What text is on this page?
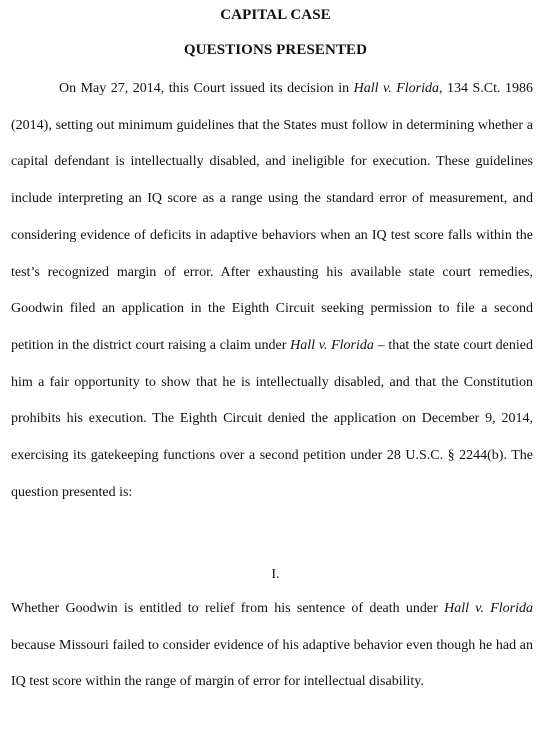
CAPITAL CASE

QUESTIONS PRESENTED

On May 27, 2014, this Court issued its decision in Hall v. Florida, 134 S.Ct. 1986 (2014), setting out minimum guidelines that the States must follow in determining whether a capital defendant is intellectually disabled, and ineligible for execution. These guidelines include interpreting an IQ score as a range using the standard error of measurement, and considering evidence of deficits in adaptive behaviors when an IQ test score falls within the test’s recognized margin of error. After exhausting his available state court remedies, Goodwin filed an application in the Eighth Circuit seeking permission to file a second petition in the district court raising a claim under Hall v. Florida – that the state court denied him a fair opportunity to show that he is intellectually disabled, and that the Constitution prohibits his execution. The Eighth Circuit denied the application on December 9, 2014, exercising its gatekeeping functions over a second petition under 28 U.S.C. § 2244(b). The question presented is:

I.

Whether Goodwin is entitled to relief from his sentence of death under Hall v. Florida because Missouri failed to consider evidence of his adaptive behavior even though he had an IQ test score within the range of margin of error for intellectual disability.
